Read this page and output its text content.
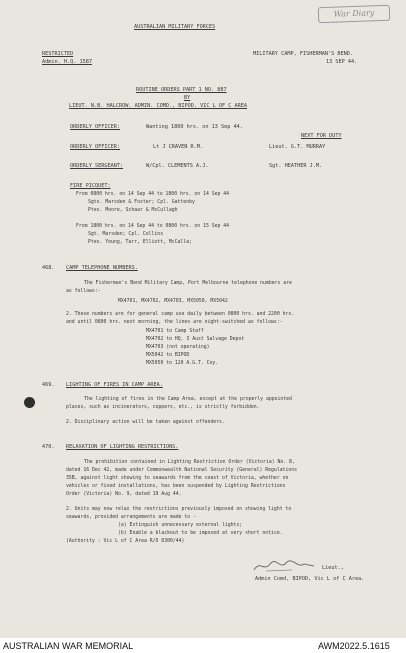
War Diary
AUSTRALIAN MILITARY FORCES
RESTRICTED
Admin. H.Q. 1587
MILITARY CAMP, FISHERMAN'S BEND.
13 SEP 44.
ROUTINE ORDERS PART 1 NO. 887
BY
LIEUT. N.B. HALCROW. ADMIN. COMD., BIPOD. VIC L OF C AREA
ORDERLY OFFICER:	Wanting 1800 hrs. on 13 Sep 44.
NEXT FOR DUTY
ORDERLY OFFICER:	Lt J CRAVEN R.M.	Lieut. G.T. MURRAY
ORDERLY SERGEANT:	W/Cpl. CLEMENTS A.J.	Sgt. HEATHER J.M.
FIRE PICQUET:
From 0800 hrs. on 14 Sep 44 to 1800 hrs. on 14 Sep 44
Sgts. Marsden & Foster; Cpl. Gattenby
Ptes. Moore, Schaar & McCullagh
From 1800 hrs. on 14 Sep 44 to 0800 hrs. on 15 Sep 44
Sgt. Marsden; Cpl. Collins
Ptes. Young, Tarr, Elliott, McCalla;
468. CAMP TELEPHONE NUMBERS.
The Fisherman's Bend Military Camp, Port Melbourne telephone numbers are
as follows:-
MX4701, MX4702, MX4703, MX5050, MX5042
2. These numbers are for general camp use daily between 0800 hrs. and 2200 hrs.
and until 0800 hrs. next morning, the lines are night-switched as follows:-
MX4701 to Camp Staff
MX4702 to HQ, 3 Aust Salvage Depot
MX4703 (not operating)
MX5042 to BIPOD
MX5050 to 120 A.G.T. Coy.
469. LIGHTING OF FIRES IN CAMP AREA.
The lighting of fires in the Camp Area, except at the properly appointed
places, such as incinerators, coppers, etc., is strictly forbidden.
2. Disciplinary action will be taken against offenders.
470. RELAXATION OF LIGHTING RESTRICTIONS.
The prohibition contained in Lighting Restriction Order (Victoria) No. 8,
dated 16 Dec 42, made under Commonwealth National Security (General) Regulations
35B, against light showing to seawards from the coast of Victoria, whether on
vehicles or fixed installations, has been suspended by Lighting Restrictions
Order (Victoria) No. 9, dated 19 Aug 44.
2. Units may now relax the restrictions previously imposed on showing light to
seawards, provided arrangements are made to -
(a) Extinguish unnecessary external lights;
(b) Enable a blackout to be imposed at very short notice.
(Authority : Vic L of C Area R/O 8300/44)
Lieut.,
Admin Comd, BIPOD, Vic L of C Area.
AUSTRALIAN WAR MEMORIAL	AWM2022.5.1615
